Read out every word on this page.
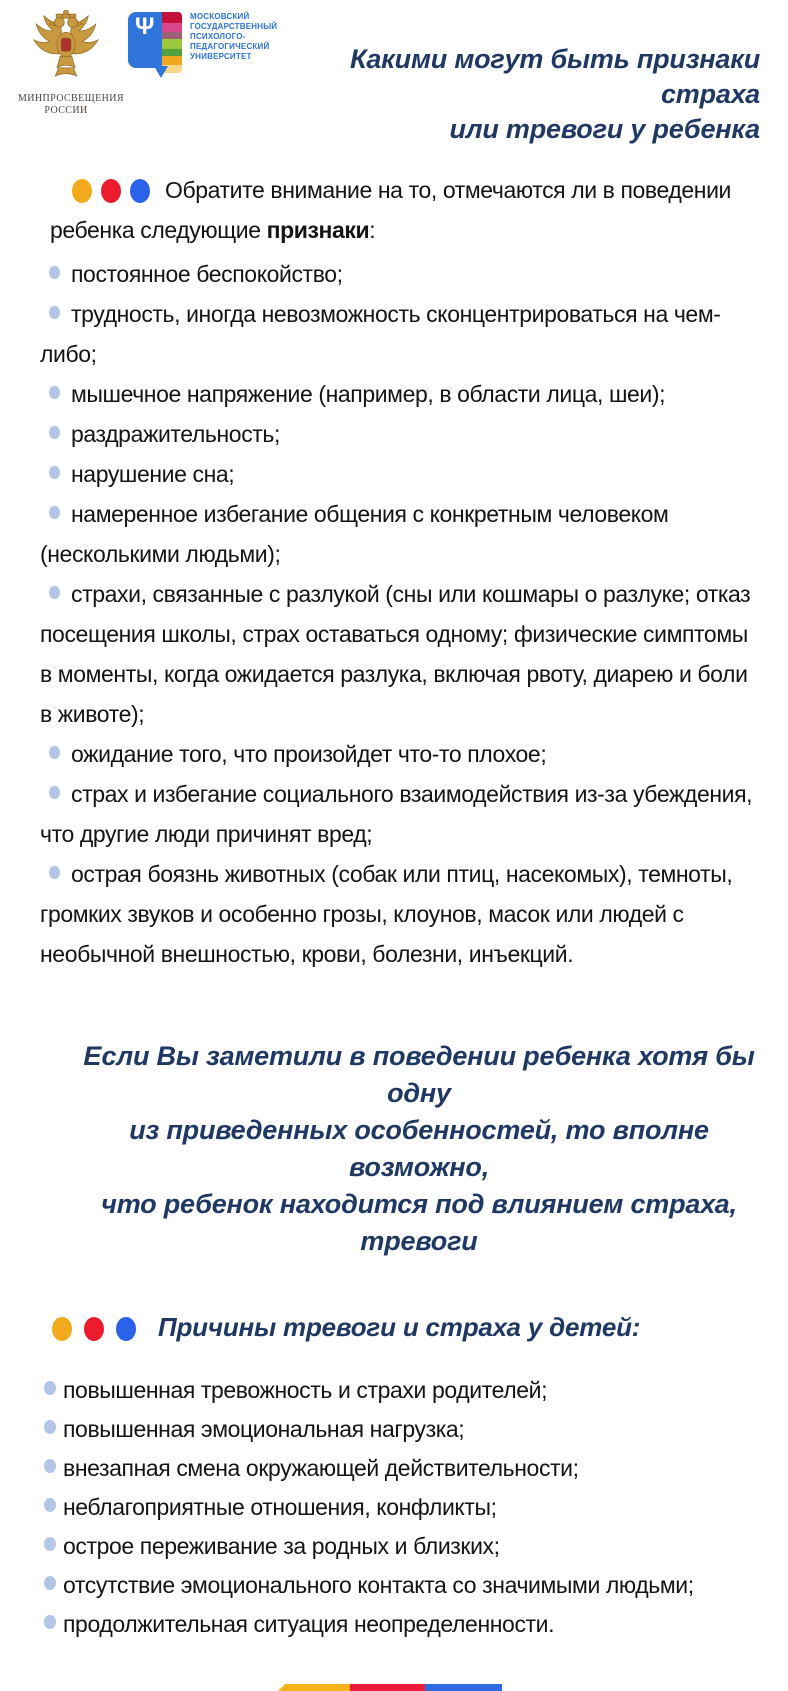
МИНПРОСВЕЩЕНИЯ
РОССИИ
Ψ	МОСКОВСКИЙ
ГОСУДАРСТВЕННЫЙ
ПСИХОЛОГО-
ПЕДАГОГИЧЕСКИЙ
УНИВЕРСИТЕТ	Какими могут быть признаки страха
или тревоги у ребенка

Обратите внимание на то, отмечаются ли в поведении ребенка следующие признаки:

постоянное беспокойство;
трудность, иногда невозможность сконцентрироваться на чем-либо;
мышечное напряжение (например, в области лица, шеи);
раздражительность;
нарушение сна;
намеренное избегание общения с конкретным человеком (несколькими людьми);
страхи, связанные с разлукой (сны или кошмары о разлуке; отказ посещения школы, страх оставаться одному; физические симптомы в моменты, когда ожидается разлука, включая рвоту, диарею и боли в животе);
ожидание того, что произойдет что-то плохое;
страх и избегание социального взаимодействия из-за убеждения, что другие люди причинят вред;
острая боязнь животных (собак или птиц, насекомых), темноты, громких звуков и особенно грозы, клоунов, масок или людей с необычной внешностью, крови, болезни, инъекций.
Если Вы заметили в поведении ребенка хотя бы одну
из приведенных особенностей, то вполне возможно,
что ребенок находится под влиянием страха, тревоги
Причины тревоги и страха у детей:
повышенная тревожность и страхи родителей;
повышенная эмоциональная нагрузка;
внезапная смена окружающей действительности;
неблагоприятные отношения, конфликты;
острое переживание за родных и близких;
отсутствие эмоционального контакта со значимыми людьми;
продолжительная ситуация неопределенности.
